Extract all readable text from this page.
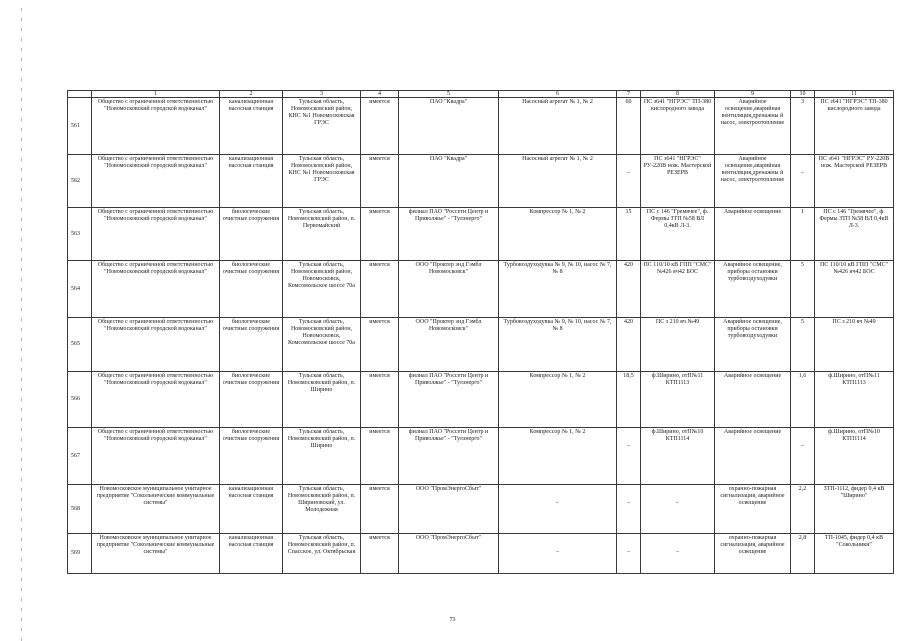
	1	2	3	4	5	6	7	8	9	10	11
561	Общество с ограниченной ответственностью "Новомосковский городской водоканал"	канализационная насосная станция	Тульская область, Новомосковский район, КНС №1 Новомосковская ГРЭС	имеется	ПАО "Квадра"	Насосный агрегат № 1, № 2	60	ПС з641 "НГРЭС" ТП-380 кислородного завода	Аварийное освещение,аварийная вентиляция,дренажны й насос, электроотопление	3	ПС з641 "НГРЭС" ТП-380 кислородного завода
562	Общество с ограниченной ответственностью "Новомосковский городской водоканал"	канализационная насосная станция	Тульская область, Новомосковский район, КНС №1 Новомосковская ГРЭС	имеется	ПАО "Квадра"	Насосный агрегат № 1, № 2	–	ПС з641 "НГРЭС" РУ-220В нож. Мастерской РЕЗЕРВ	Аварийное освещение,аварийная вентиляция,дренажны й насос, электроотопление	–	ПС з641 "НГРЭС" РУ-220В нож. Мастерской РЕЗЕРВ
563	Общество с ограниченной ответственностью "Новомосковский городской водоканал"	биологические очистные сооружения	Тульская область, Новомосковский район, п. Первомайский	имеется	филиал ПАО "Россети Центр и Приволжье" - "Тулэнерго"	Компрессор № 1, № 2	15	ПС с 146 "Гремячее", ф. Фермы ЗТП №58 ВЛ 0,4кВ Л-3.	Аварийное освещение	1	ПС с 146 "Гремячее", ф. Фермы ЗТП №58 ВЛ 0,4кВ Л-3.
564	Общество с ограниченной ответственностью "Новомосковский городской водоканал"	биологические очистные сооружения	Тульская область, Новомосковский район, Новомосковск, Комсомольское шоссе 70а	имеется	ООО "Проктер энд Гэмбл Новомосковск"	Турбовоздуходувка № 9, № 10, насос № 7, № 8	420	ПС 110/10 кВ ГПП "СМС" №426 яч42 БОС	Аварийное освещение, приборы остановки турбовоздуходувки	5	ПС 110/10 кВ ГПП "СМС" №426 яч42 БОС
565	Общество с ограниченной ответственностью "Новомосковский городской водоканал"	биологические очистные сооружения	Тульская область, Новомосковский район, Новомосковск, Комсомольское шоссе 70а	имеется	ООО "Проктер энд Гэмбл Новомосковск"	Турбовоздуходувка № 9, № 10, насос № 7, № 8	420	ПС з 210 яч №49	Аварийное освещение, приборы остановки турбовоздуходувки	5	ПС з 210 яч №49
566	Общество с ограниченной ответственностью "Новомосковский городской водоканал"	биологические очистные сооружения	Тульская область, Новомосковский район, п. Ширино	имеется	филиал ПАО "Россети Центр и Приволжье" - "Тулэнерго"	Компрессор № 1, № 2	18,5	ф.Ширино, отП№11 КТП1113	Аварийное освещение	1,6	ф.Ширино, отП№11 КТП1113
567	Общество с ограниченной ответственностью "Новомосковский городской водоканал"	биологические очистные сооружения	Тульская область, Новомосковский район, п. Ширино	имеется	филиал ПАО "Россети Центр и Приволжье" - "Тулэнерго"	Компрессор № 1, № 2	–	ф.Ширино, отП№10 КТП1114	Аварийное освещение	–	ф.Ширино, отП№10 КТП1114
568	Новомосковское муниципальное унитарное предприятие "Сокольнические коммунальные системы"	канализационная насосная станция	Тульская область, Новомосковский район, п. Шириновский, ул. Молодежная	имеется	ООО "ПромЭнергоСбыт"	–	–	–	охранно-пожарная сигнализация, аварийное освещение	2,2	ЗТП-1112, фидер 0,4 кВ "Ширино"
569	Новомосковское муниципальное унитарное предприятие "Сокольнические коммунальные системы"	канализационная насосная станция	Тульская область, Новомосковский район, п. Спасское, ул. Октябрьская	имеется	ООО "ПромЭнергоСбыт"	–	–	–	охранно-пожарная сигнализация, аварийное освещение	2,8	ТП-1045, фидер 0,4 кВ "Сокольники"
73
